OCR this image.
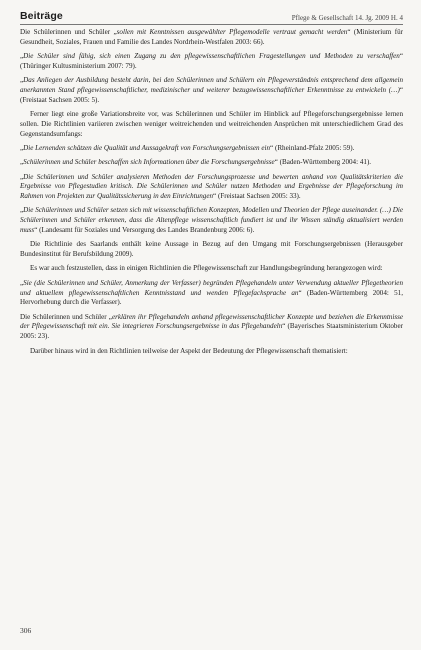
Beiträge	Pflege & Gesellschaft 14. Jg. 2009 H. 4

Die Schülerinnen und Schüler „sollen mit Kenntnissen ausgewählter Pflegemodelle vertraut gemacht werden“ (Ministerium für Gesundheit, Soziales, Frauen und Familie des Landes Nordrhein-Westfalen 2003: 66).

„Die Schüler sind fähig, sich einen Zugang zu den pflegewissenschaftlichen Fragestellungen und Methoden zu verschaffen“ (Thüringer Kultusministerium 2007: 79).

„Das Anliegen der Ausbildung besteht darin, bei den Schülerinnen und Schülern ein Pflegeverständnis entsprechend dem allgemein anerkannten Stand pflegewissenschaftlicher, medizinischer und weiterer bezugswissenschaftlicher Erkenntnisse zu entwickeln (…)“ (Freistaat Sachsen 2005: 5).

Ferner liegt eine große Variationsbreite vor, was Schülerinnen und Schüler im Hinblick auf Pflegeforschungsergebnisse lernen sollen. Die Richtlinien variieren zwischen weniger weitreichenden und weitreichenden Ansprüchen mit unterschiedlichem Grad des Gegenstandsumfangs:

„Die Lernenden schätzen die Qualität und Aussagekraft von Forschungsergebnissen ein“ (Rheinland-Pfalz 2005: 59).

„Schülerinnen und Schüler beschaffen sich Informationen über die Forschungsergebnisse“ (Baden-Württemberg 2004: 41).

„Die Schülerinnen und Schüler analysieren Methoden der Forschungsprozesse und bewerten anhand von Qualitätskriterien die Ergebnisse von Pflegestudien kritisch. Die Schülerinnen und Schüler nutzen Methoden und Ergebnisse der Pflegeforschung im Rahmen von Projekten zur Qualitätssicherung in den Einrichtungen“ (Freistaat Sachsen 2005: 33).

„Die Schülerinnen und Schüler setzen sich mit wissenschaftlichen Konzepten, Modellen und Theorien der Pflege auseinander. (…) Die Schülerinnen und Schüler erkennen, dass die Altenpflege wissenschaftlich fundiert ist und ihr Wissen ständig aktualisiert werden muss“ (Landesamt für Soziales und Versorgung des Landes Brandenburg 2006: 6).

Die Richtlinie des Saarlands enthält keine Aussage in Bezug auf den Umgang mit Forschungsergebnissen (Herausgeber Bundesinstitut für Berufsbildung 2009).

Es war auch festzustellen, dass in einigen Richtlinien die Pflegewissenschaft zur Handlungsbegründung herangezogen wird:

„Sie (die Schülerinnen und Schüler, Anmerkung der Verfasser) begründen Pflegehandeln unter Verwendung aktueller Pflegetheorien und aktuellem pflegewissenschaftlichen Kenntnisstand und wenden Pflegefachsprache an“ (Baden-Württemberg 2004: 51, Hervorhebung durch die Verfasser).

Die Schülerinnen und Schüler „erklären ihr Pflegehandeln anhand pflegewissenschaftlicher Konzepte und beziehen die Erkenntnisse der Pflegewissenschaft mit ein. Sie integrieren Forschungsergebnisse in das Pflegehandeln“ (Bayerisches Staatsministerium Oktober 2005: 23).

Darüber hinaus wird in den Richtlinien teilweise der Aspekt der Bedeutung der Pflegewissenschaft thematisiert:

306
